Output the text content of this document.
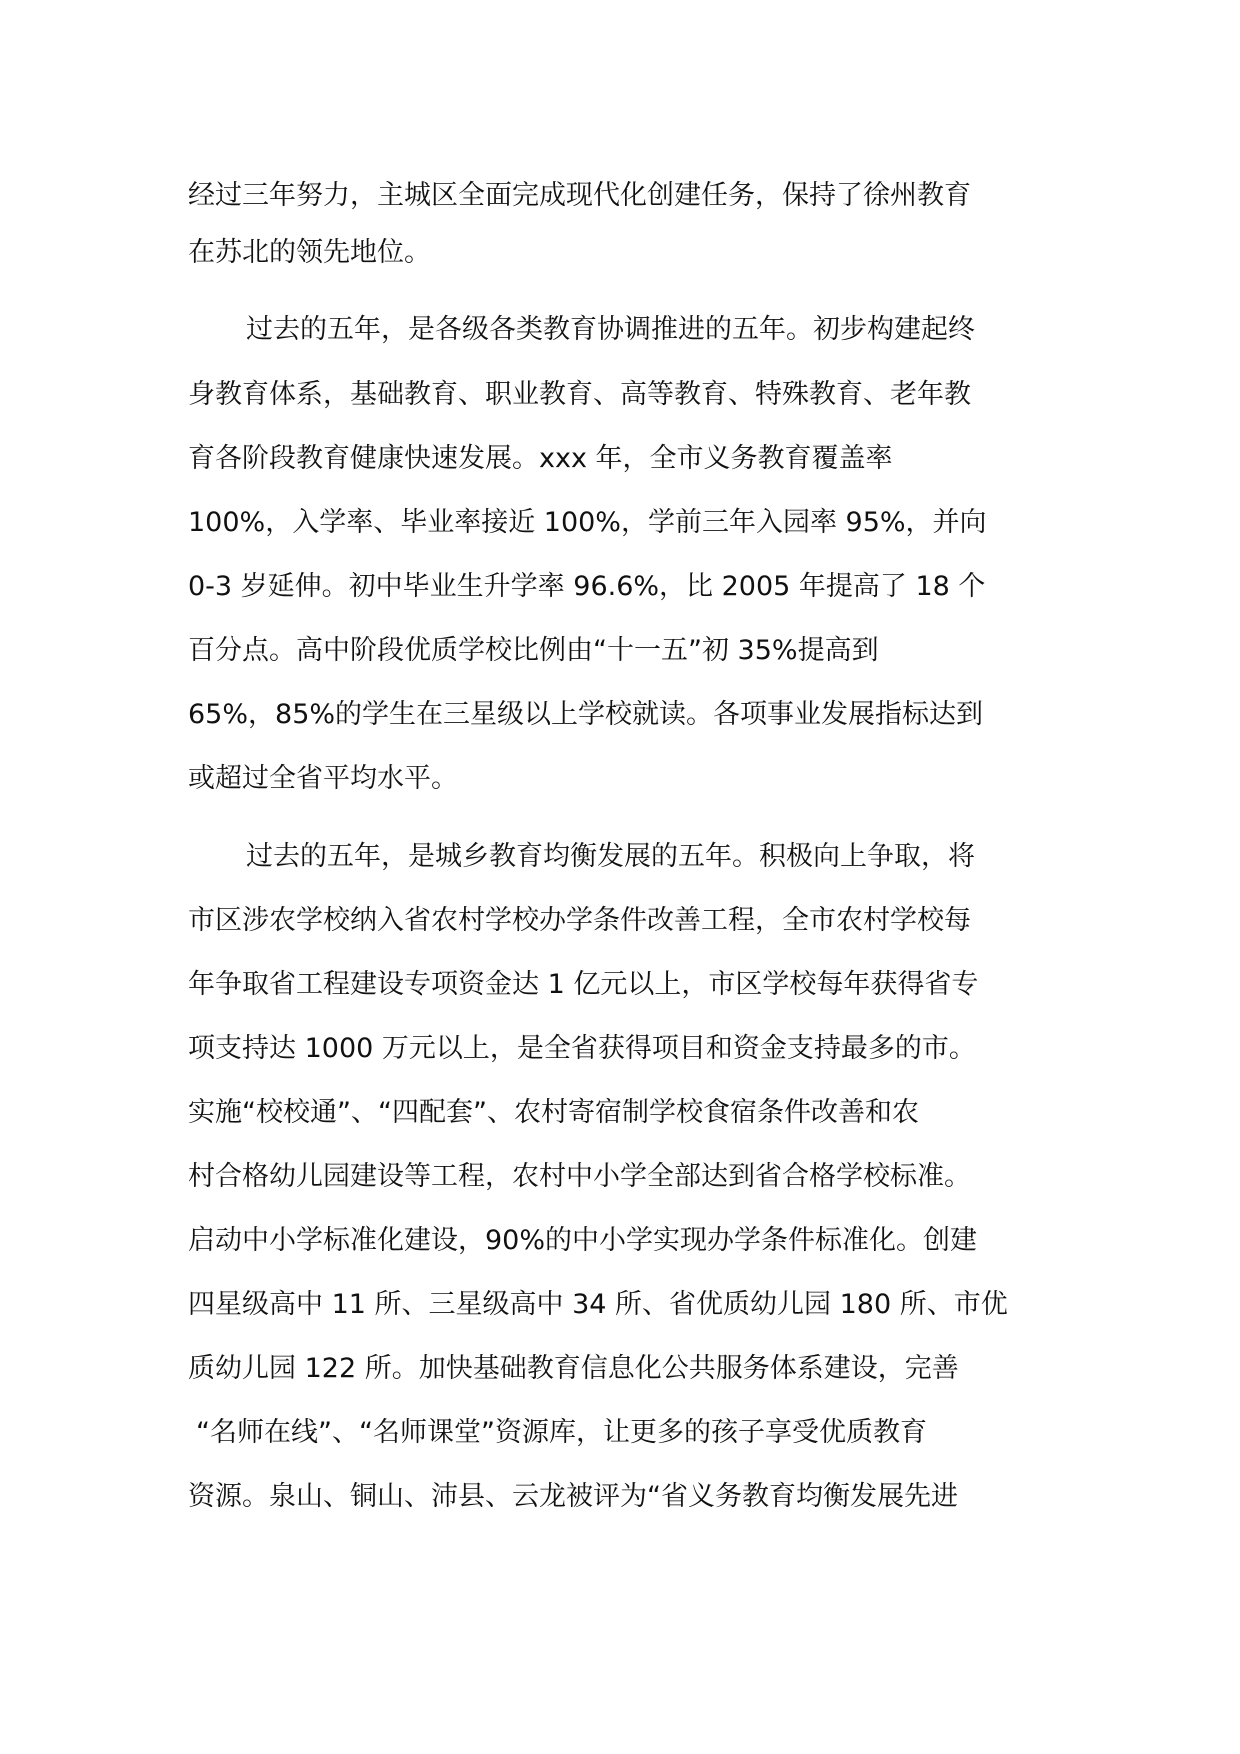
经过三年努力，主城区全面完成现代化创建任务，保持了徐州教育
在苏北的领先地位。
过去的五年，是各级各类教育协调推进的五年。初步构建起终
身教育体系，基础教育、职业教育、高等教育、特殊教育、老年教
育各阶段教育健康快速发展。xxx 年，全市义务教育覆盖率
100%，入学率、毕业率接近 100%，学前三年入园率 95%，并向
0-3 岁延伸。初中毕业生升学率 96.6%，比 2005 年提高了 18 个
百分点。高中阶段优质学校比例由“十一五”初 35%提高到
65%，85%的学生在三星级以上学校就读。各项事业发展指标达到
或超过全省平均水平。
过去的五年，是城乡教育均衡发展的五年。积极向上争取，将
市区涉农学校纳入省农村学校办学条件改善工程，全市农村学校每
年争取省工程建设专项资金达 1 亿元以上，市区学校每年获得省专
项支持达 1000 万元以上，是全省获得项目和资金支持最多的市。
实施“校校通”、“四配套”、农村寄宿制学校食宿条件改善和农
村合格幼儿园建设等工程，农村中小学全部达到省合格学校标准。
启动中小学标准化建设，90%的中小学实现办学条件标准化。创建
四星级高中 11 所、三星级高中 34 所、省优质幼儿园 180 所、市优
质幼儿园 122 所。加快基础教育信息化公共服务体系建设，完善
“名师在线”、“名师课堂”资源库，让更多的孩子享受优质教育
资源。泉山、铜山、沛县、云龙被评为“省义务教育均衡发展先进
